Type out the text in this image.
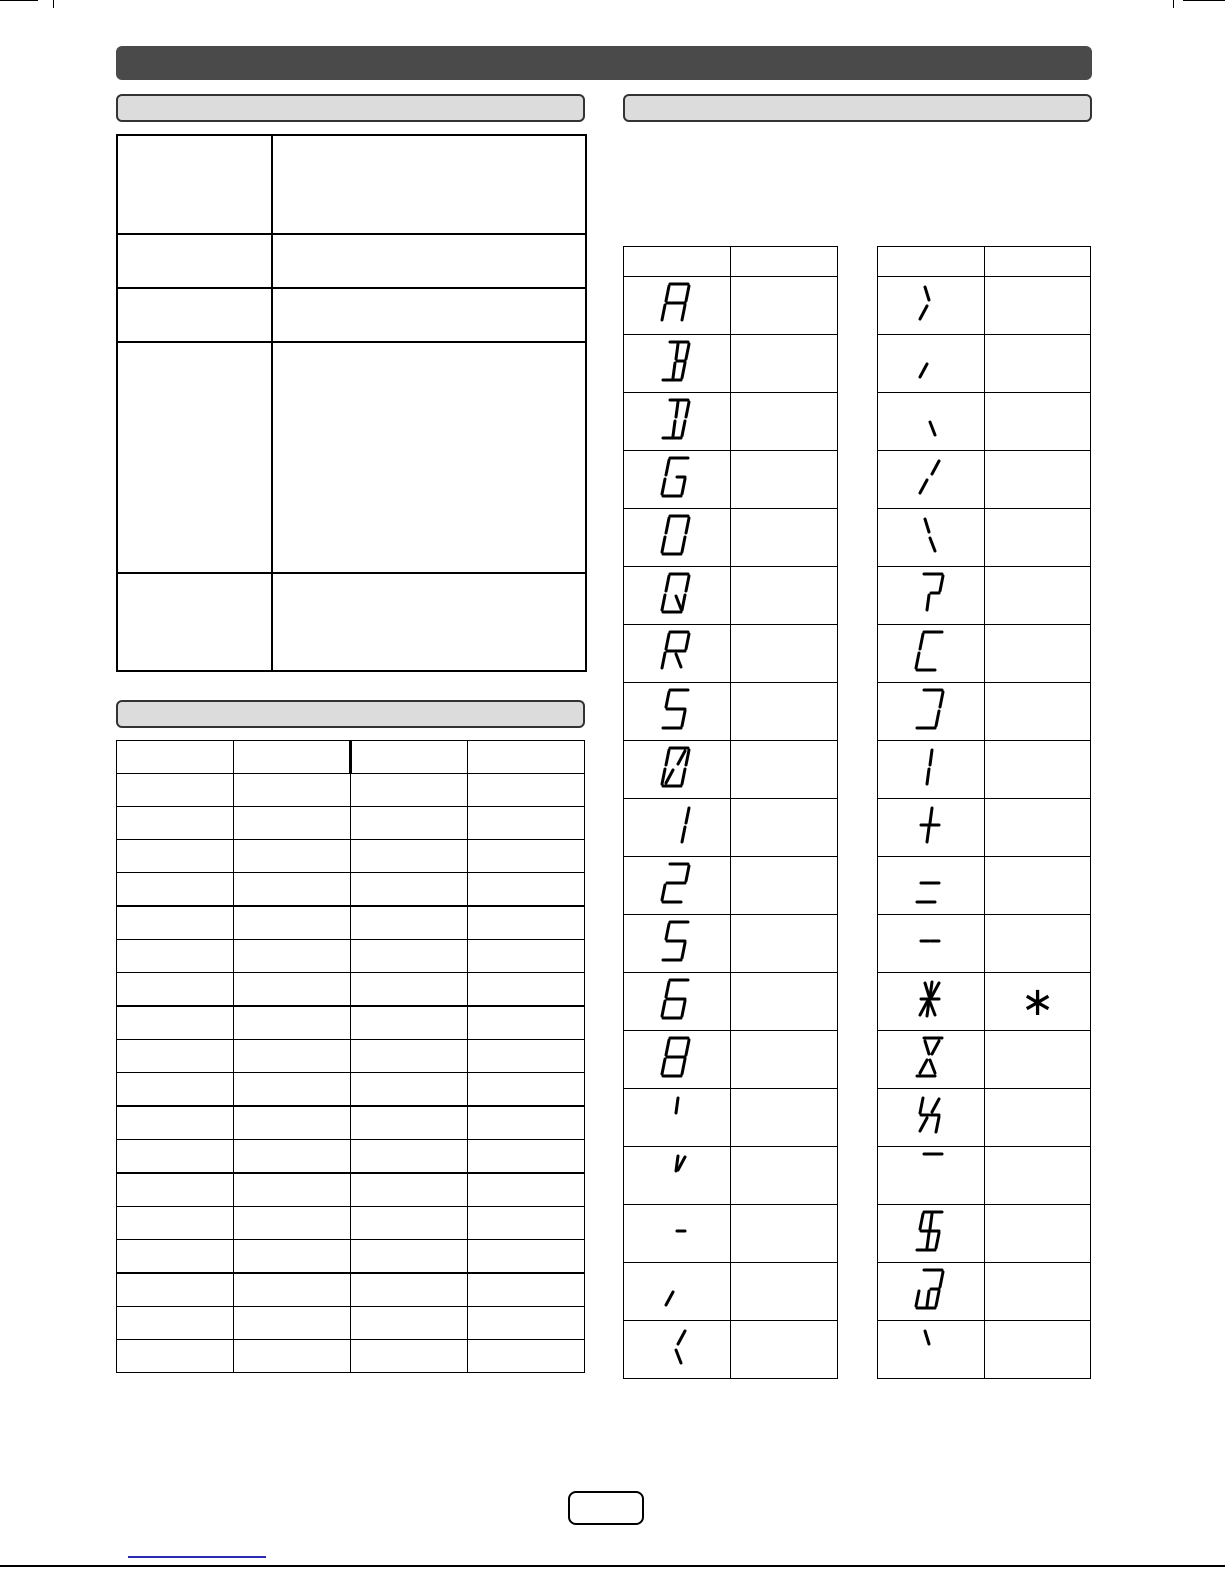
	∗
